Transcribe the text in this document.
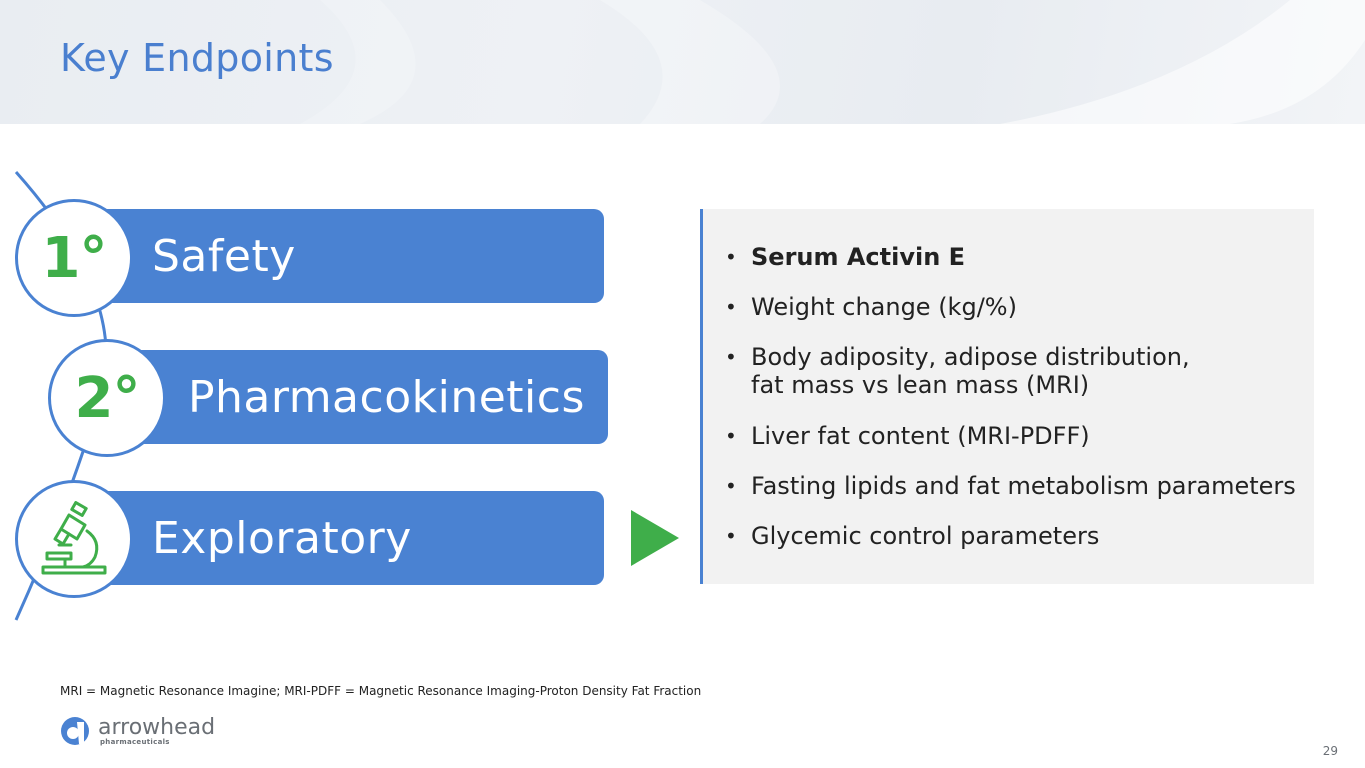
Key Endpoints
Safety
Pharmacokinetics
Exploratory
1°
2°
• Serum Activin E
• Weight change (kg/%)
• Body adiposity, adipose distribution,
fat mass vs lean mass (MRI)
• Liver fat content (MRI-PDFF)
• Fasting lipids and fat metabolism parameters
• Glycemic control parameters
MRI = Magnetic Resonance Imagine; MRI-PDFF = Magnetic Resonance Imaging-Proton Density Fat Fraction
arrowhead
pharmaceuticals
29
